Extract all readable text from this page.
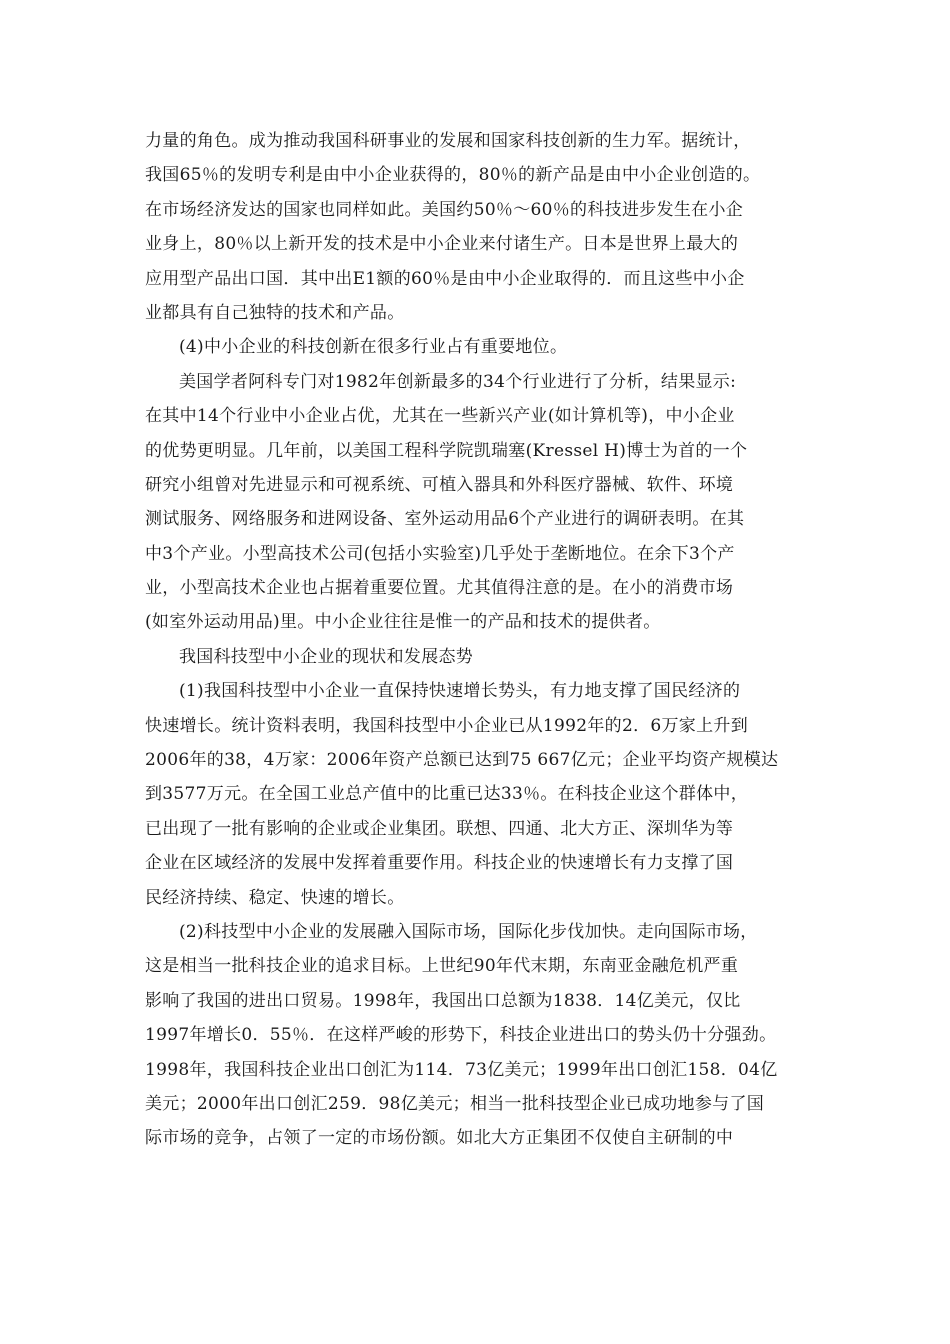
力量的角色。成为推动我国科研事业的发展和国家科技创新的生力军。据统计，
我国65％的发明专利是由中小企业获得的，80％的新产品是由中小企业创造的。
在市场经济发达的国家也同样如此。美国约50％～60％的科技进步发生在小企
业身上，80％以上新开发的技术是中小企业来付诸生产。日本是世界上最大的
应用型产品出口国．其中出E1额的60％是由中小企业取得的．而且这些中小企
业都具有自己独特的技术和产品。
(4)中小企业的科技创新在很多行业占有重要地位。
美国学者阿科专门对1982年创新最多的34个行业进行了分析，结果显示:
在其中14个行业中小企业占优，尤其在一些新兴产业(如计算机等)，中小企业
的优势更明显。几年前，以美国工程科学院凯瑞塞(Kressel H)博士为首的一个
研究小组曾对先进显示和可视系统、可植入器具和外科医疗器械、软件、环境
测试服务、网络服务和进网设备、室外运动用品6个产业进行的调研表明。在其
中3个产业。小型高技术公司(包括小实验室)几乎处于垄断地位。在余下3个产
业，小型高技术企业也占据着重要位置。尤其值得注意的是。在小的消费市场
(如室外运动用品)里。中小企业往往是惟一的产品和技术的提供者。
我国科技型中小企业的现状和发展态势
(1)我国科技型中小企业一直保持快速增长势头，有力地支撑了国民经济的
快速增长。统计资料表明，我国科技型中小企业已从1992年的2．6万家上升到
2006年的38，4万家：2006年资产总额已达到75 667亿元；企业平均资产规模达
到3577万元。在全国工业总产值中的比重已达33％。在科技企业这个群体中，
已出现了一批有影响的企业或企业集团。联想、四通、北大方正、深圳华为等
企业在区域经济的发展中发挥着重要作用。科技企业的快速增长有力支撑了国
民经济持续、稳定、快速的增长。
(2)科技型中小企业的发展融入国际市场，国际化步伐加快。走向国际市场，
这是相当一批科技企业的追求目标。上世纪90年代末期，东南亚金融危机严重
影响了我国的进出口贸易。1998年，我国出口总额为1838．14亿美元，仅比
1997年增长0．55％．在这样严峻的形势下，科技企业进出口的势头仍十分强劲。
1998年，我国科技企业出口创汇为114．73亿美元；1999年出口创汇158．04亿
美元；2000年出口创汇259．98亿美元；相当一批科技型企业已成功地参与了国
际市场的竞争，占领了一定的市场份额。如北大方正集团不仅使自主研制的中
